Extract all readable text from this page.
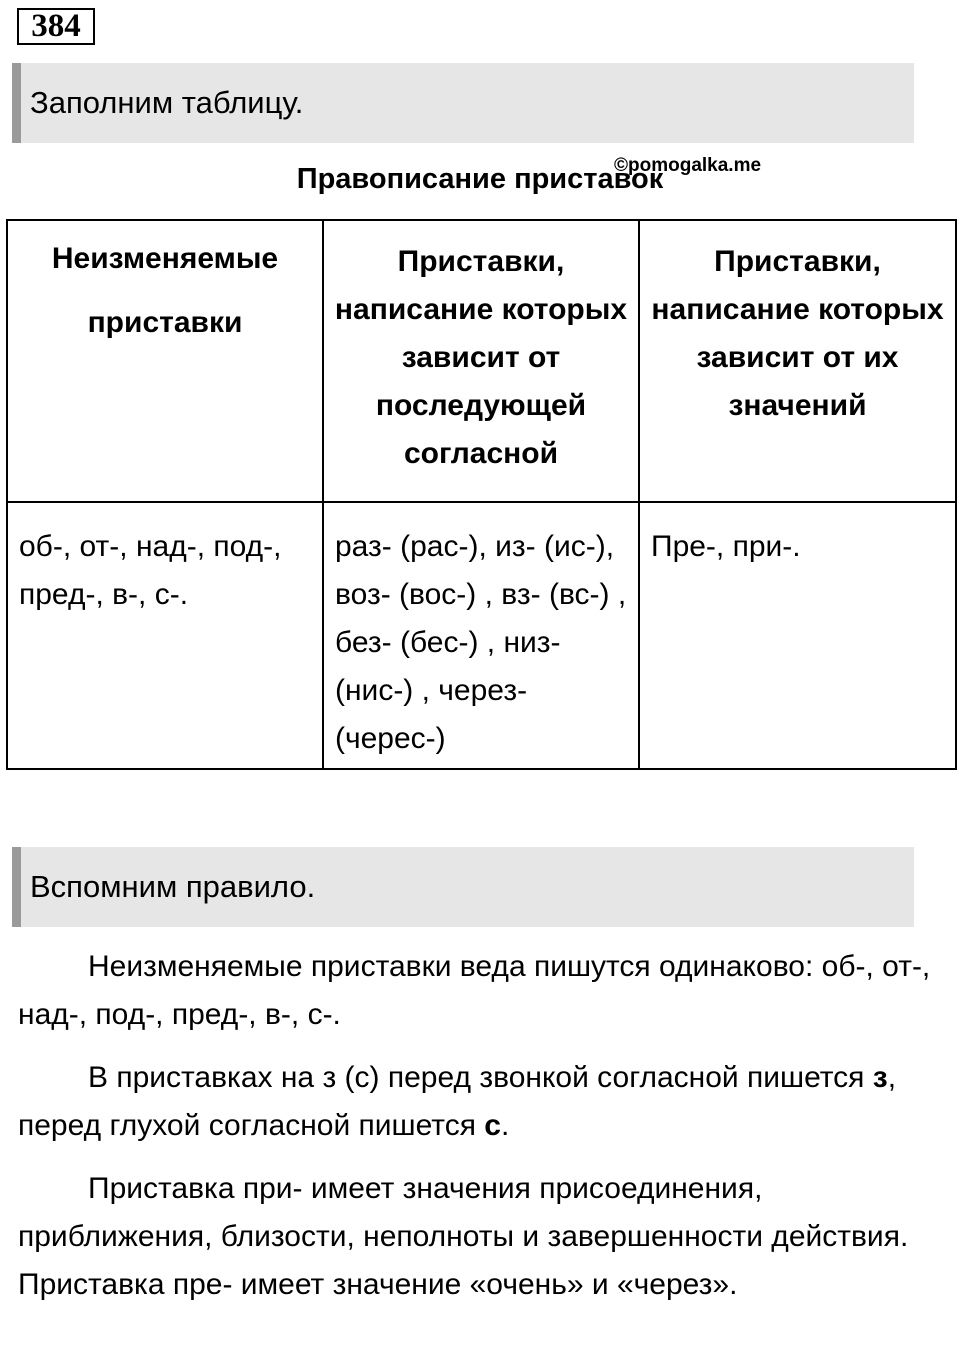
384
Заполним таблицу.
©pomogalka.me
Правописание приставок
Неизменяемые приставки	Приставки, написание которых зависит от последующей согласной	Приставки, написание которых зависит от их значений
об-, от-, над-, под-, пред-, в-, с-.	раз- (рас-), из- (ис-), воз- (вос-) , вз- (вс-) , без- (бес-) , низ- (нис-) , через- (черес-)	Пре-, при-.
Вспомним правило.
Неизменяемые приставки веда пишутся одинаково: об-, от-, над-, под-, пред-, в-, с-.
В приставках на з (с) перед звонкой согласной пишется з, перед глухой согласной пишется с.
Приставка при- имеет значения присоединения, приближения, близости, неполноты и завершенности действия. Приставка пре- имеет значение «очень» и «через».
